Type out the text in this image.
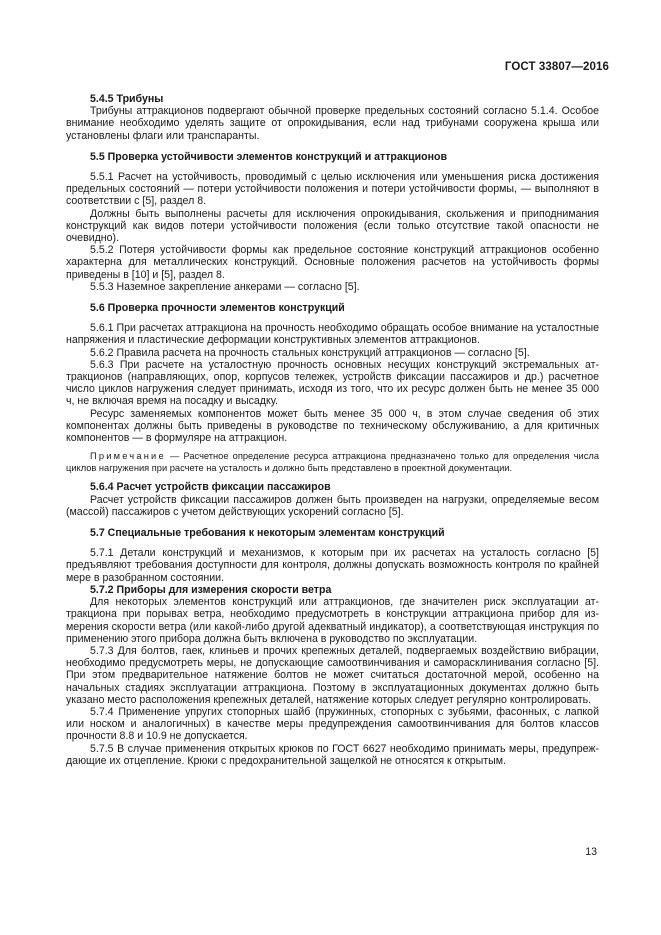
ГОСТ 33807—2016

5.4.5 Трибуны

Трибуны аттракционов подвергают обычной проверке предельных состояний согласно 5.1.4. Особое внимание необходимо уделять защите от опрокидывания, если над трибунами сооружена крыша или установлены флаги или транспаранты.

5.5 Проверка устойчивости элементов конструкций и аттракционов

5.5.1 Расчет на устойчивость, проводимый с целью исключения или уменьшения риска достижения предельных состояний — потери устойчивости положения и потери устойчивости формы, — выполняют в соответствии с [5], раздел 8.

Должны быть выполнены расчеты для исключения опрокидывания, скольжения и приподнимания конструкций как видов потери устойчивости положения (если только отсутствие такой опасности не очевидно).

5.5.2 Потеря устойчивости формы как предельное состояние конструкций аттракционов особенно характерна для металлических конструкций. Основные положения расчетов на устойчивость формы приведены в [10] и [5], раздел 8.

5.5.3 Наземное закрепление анкерами — согласно [5].

5.6 Проверка прочности элементов конструкций

5.6.1 При расчетах аттракциона на прочность необходимо обращать особое внимание на усталостные напряжения и пластические деформации конструктивных элементов аттракционов.

5.6.2 Правила расчета на прочность стальных конструкций аттракционов — согласно [5].

5.6.3 При расчете на усталостную прочность основных несущих конструкций экстремальных аттракционов (направляющих, опор, корпусов тележек, устройств фиксации пассажиров и др.) расчетное число циклов нагружения следует принимать, исходя из того, что их ресурс должен быть не менее 35 000 ч, не включая время на посадку и высадку.

Ресурс заменяемых компонентов может быть менее 35 000 ч, в этом случае сведения об этих компонентах должны быть приведены в руководстве по техническому обслуживанию, а для критичных компонентов — в формуляре на аттракцион.

Примечание — Расчетное определение ресурса аттракциона предназначено только для определения числа циклов нагружения при расчете на усталость и должно быть представлено в проектной документации.

5.6.4 Расчет устройств фиксации пассажиров

Расчет устройств фиксации пассажиров должен быть произведен на нагрузки, определяемые весом (массой) пассажиров с учетом действующих ускорений согласно [5].

5.7 Специальные требования к некоторым элементам конструкций

5.7.1 Детали конструкций и механизмов, к которым при их расчетах на усталость согласно [5] предъявляют требования доступности для контроля, должны допускать возможность контроля по крайней мере в разобранном состоянии.

5.7.2 Приборы для измерения скорости ветра

Для некоторых элементов конструкций или аттракционов, где значителен риск эксплуатации аттракциона при порывах ветра, необходимо предусмотреть в конструкции аттракциона прибор для измерения скорости ветра (или какой-либо другой адекватный индикатор), а соответствующая инструкция по применению этого прибора должна быть включена в руководство по эксплуатации.

5.7.3 Для болтов, гаек, клиньев и прочих крепежных деталей, подвергаемых воздействию вибрации, необходимо предусмотреть меры, не допускающие самоотвинчивания и саморасклинивания согласно [5]. При этом предварительное натяжение болтов не может считаться достаточной мерой, особенно на начальных стадиях эксплуатации аттракциона. Поэтому в эксплуатационных документах должно быть указано место расположения крепежных деталей, натяжение которых следует регулярно контролировать.

5.7.4 Применение упругих стопорных шайб (пружинных, стопорных с зубьями, фасонных, с лапкой или носком и аналогичных) в качестве меры предупреждения самоотвинчивания для болтов классов прочности 8.8 и 10.9 не допускается.

5.7.5 В случае применения открытых крюков по ГОСТ 6627 необходимо принимать меры, предупреждающие их отцепление. Крюки с предохранительной защелкой не относятся к открытым.

13
